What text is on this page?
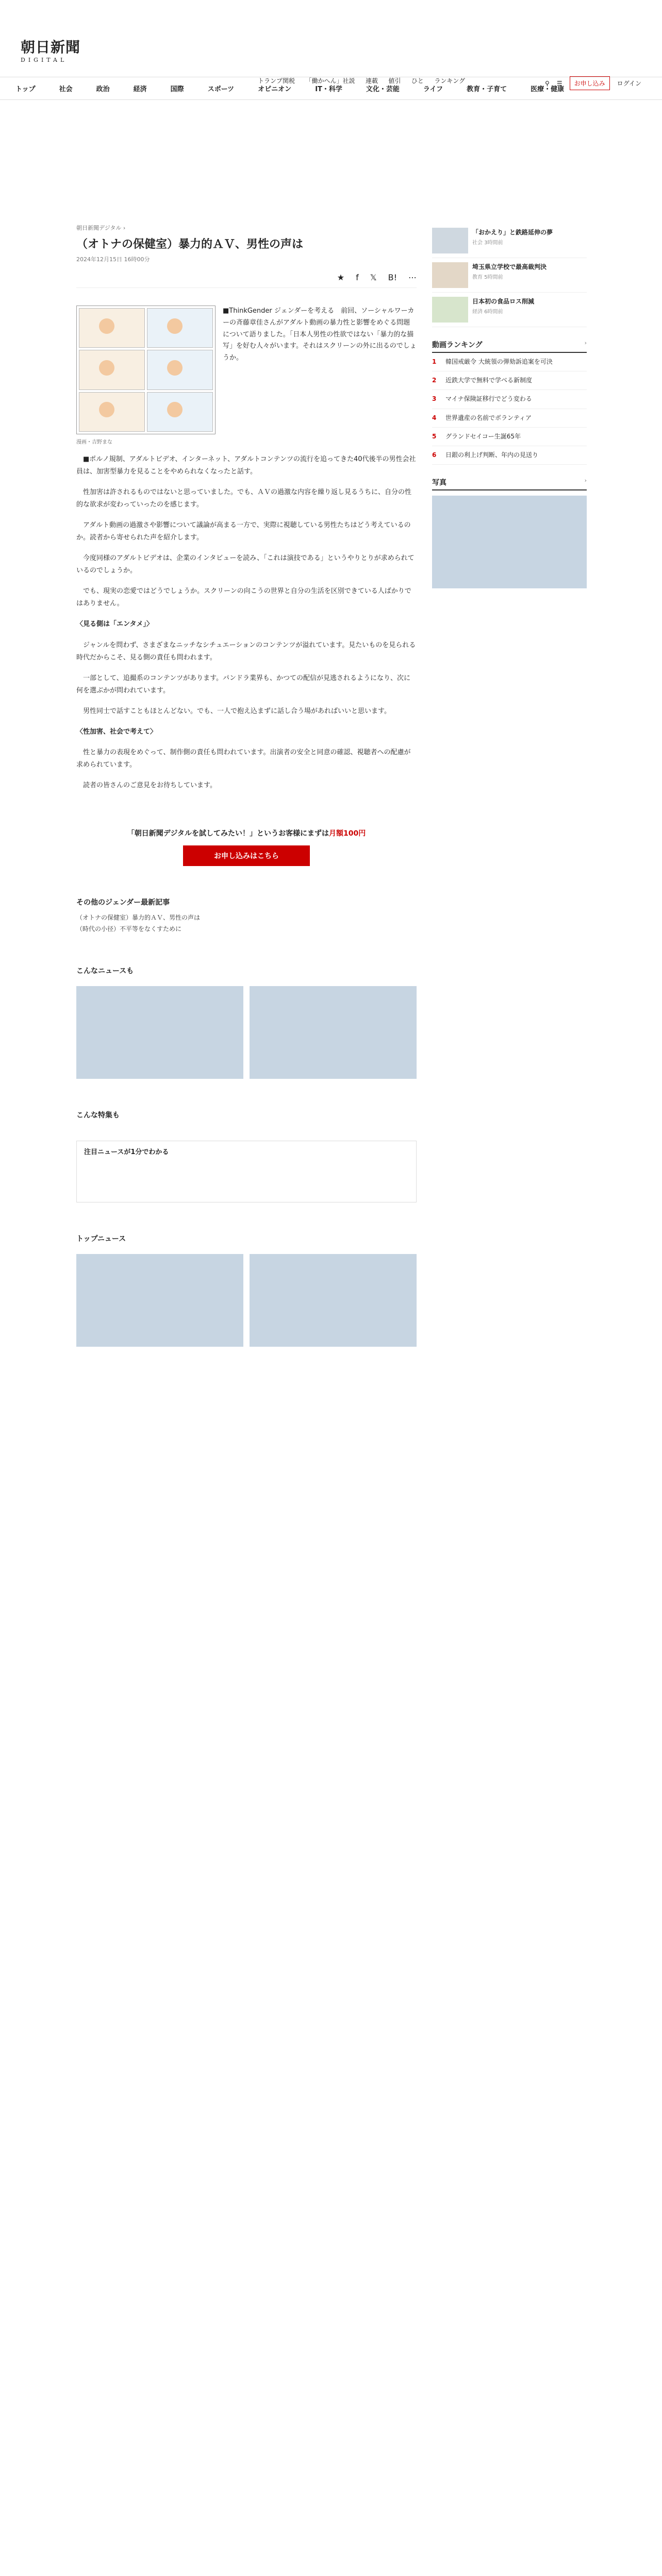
朝日新聞
DIGITAL
トランプ関税 「働かへん」社説 連載 値引 ひと ランキング	⚲ ☰	お申し込み	ログイン
トップ	社会	政治	経済	国際	スポーツ	オピニオン	IT・科学	文化・芸能	ライフ	教育・子育て	医療・健康
朝日新聞デジタル ›
（オトナの保健室）暴力的ＡＶ、男性の声は
2024年12月15日 16時00分
★ f 𝕏 B! ⋯
漫画・吉野まな
■ThinkGender ジェンダーを考える　前回、ソーシャルワーカーの斉藤章佳さんがアダルト動画の暴力性と影響をめぐる問題について語りました。「日本人男性の性欲ではない「暴力的な描写」を好む人々がいます。それはスクリーンの外に出るのでしょうか。

■ポルノ規制、アダルトビデオ、インターネット、アダルトコンテンツの流行を追ってきた40代後半の男性会社員は、加害型暴力を見ることをやめられなくなったと話す。

性加害は許されるものではないと思っていました。でも、ＡＶの過激な内容を繰り返し見るうちに、自分の性的な欲求が変わっていったのを感じます。

アダルト動画の過激さや影響について議論が高まる一方で、実際に視聴している男性たちはどう考えているのか。読者から寄せられた声を紹介します。

今度同様のアダルトビデオは、企業のインタビューを読み、「これは演技である」というやりとりが求められているのでしょうか。

でも、現実の恋愛ではどうでしょうか。スクリーンの向こうの世界と自分の生活を区別できている人ばかりではありません。

〈見る側は「エンタメ」〉

ジャンルを問わず、さまざまなニッチなシチュエーションのコンテンツが溢れています。見たいものを見られる時代だからこそ、見る側の責任も問われます。

一部として、追撮系のコンテンツがあります。パンドラ業界も、かつての配信が見逃されるようになり、次に何を選ぶかが問われています。

男性同士で話すこともほとんどない。でも、一人で抱え込まずに話し合う場があればいいと思います。

〈性加害、社会で考えて〉

性と暴力の表現をめぐって、制作側の責任も問われています。出演者の安全と同意の確認、視聴者への配慮が求められています。

読者の皆さんのご意見をお待ちしています。

「朝日新聞デジタルを試してみたい！」というお客様にまずは月額100円
お申し込みはこちら
その他のジェンダー最新記事
（オトナの保健室）暴力的ＡＶ、男性の声は
（時代の小径）不平等をなくすために
こんなニュースも
こんな特集も
注目ニュースが1分でわかる
トップニュース
「おかえり」と鉄路延伸の夢
社会 3時間前
埼玉県立学校で最高裁判決
教育 5時間前
日本初の食品ロス削減
経済 6時間前
動画ランキング	›
1	韓国戒厳令 大統領の弾劾訴追案を可決
2	近鉄大学で無料で学べる新制度
3	マイナ保険証移行でどう変わる
4	世界遺産の名前でボランティア
5	グランドセイコー生誕65年
6	日銀の利上げ判断、年内の見送り
写真	›
